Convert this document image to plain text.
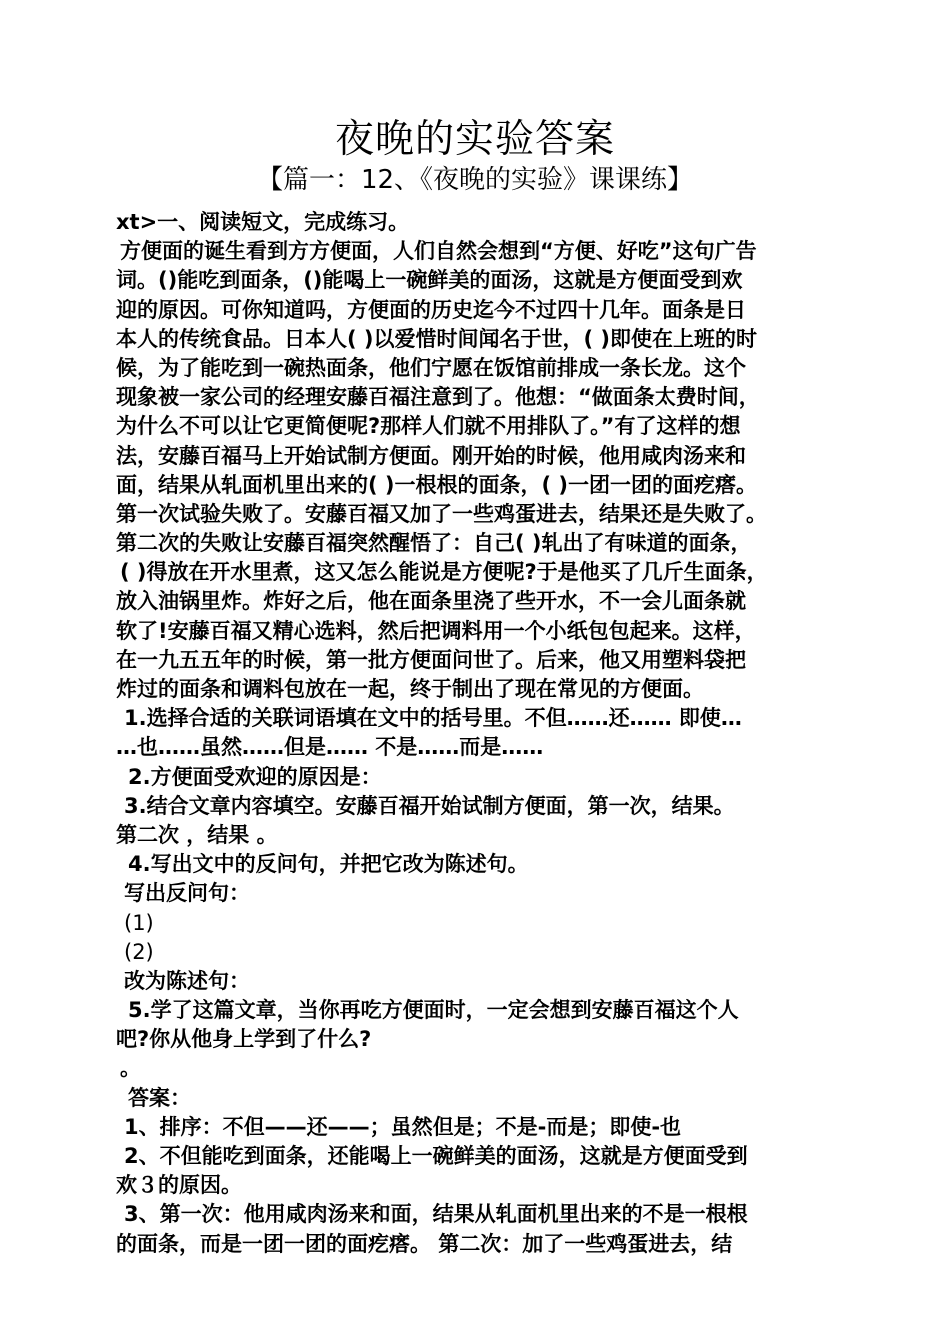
夜晚的实验答案
【篇一：12、《夜晚的实验》课课练】
xt>一、阅读短文，完成练习。
方便面的诞生看到方方便面，人们自然会想到“方便、好吃”这句广告
词。()能吃到面条，()能喝上一碗鲜美的面汤，这就是方便面受到欢
迎的原因。可你知道吗，方便面的历史迄今不过四十几年。面条是日
本人的传统食品。日本人( )以爱惜时间闻名于世，( )即使在上班的时
候，为了能吃到一碗热面条，他们宁愿在饭馆前排成一条长龙。这个
现象被一家公司的经理安藤百福注意到了。他想：“做面条太费时间，
为什么不可以让它更简便呢?那样人们就不用排队了。”有了这样的想
法，安藤百福马上开始试制方便面。刚开始的时候，他用咸肉汤来和
面，结果从轧面机里出来的( )一根根的面条，( )一团一团的面疙瘩。
第一次试验失败了。安藤百福又加了一些鸡蛋进去，结果还是失败了。
第二次的失败让安藤百福突然醒悟了：自己( )轧出了有味道的面条，
( )得放在开水里煮，这又怎么能说是方便呢?于是他买了几斤生面条，
放入油锅里炸。炸好之后，他在面条里浇了些开水，不一会儿面条就
软了!安藤百福又精心选料，然后把调料用一个小纸包包起来。这样，
在一九五五年的时候，第一批方便面问世了。后来，他又用塑料袋把
炸过的面条和调料包放在一起，终于制出了现在常见的方便面。
1.选择合适的关联词语填在文中的括号里。不但……还…… 即使…
…也……虽然……但是…… 不是……而是……
2.方便面受欢迎的原因是：
3.结合文章内容填空。安藤百福开始试制方便面，第一次，结果。
第二次 ，结果 。
4.写出文中的反问句，并把它改为陈述句。
写出反问句：
(1)
(2)
改为陈述句：
5.学了这篇文章，当你再吃方便面时，一定会想到安藤百福这个人
吧?你从他身上学到了什么?
。
答案：
1、排序：不但——还——；虽然但是；不是-而是；即使-也
2、不但能吃到面条，还能喝上一碗鲜美的面汤，这就是方便面受到
欢３的原因。
3、第一次：他用咸肉汤来和面，结果从轧面机里出来的不是一根根
的面条，而是一团一团的面疙瘩。 第二次：加了一些鸡蛋进去，结
